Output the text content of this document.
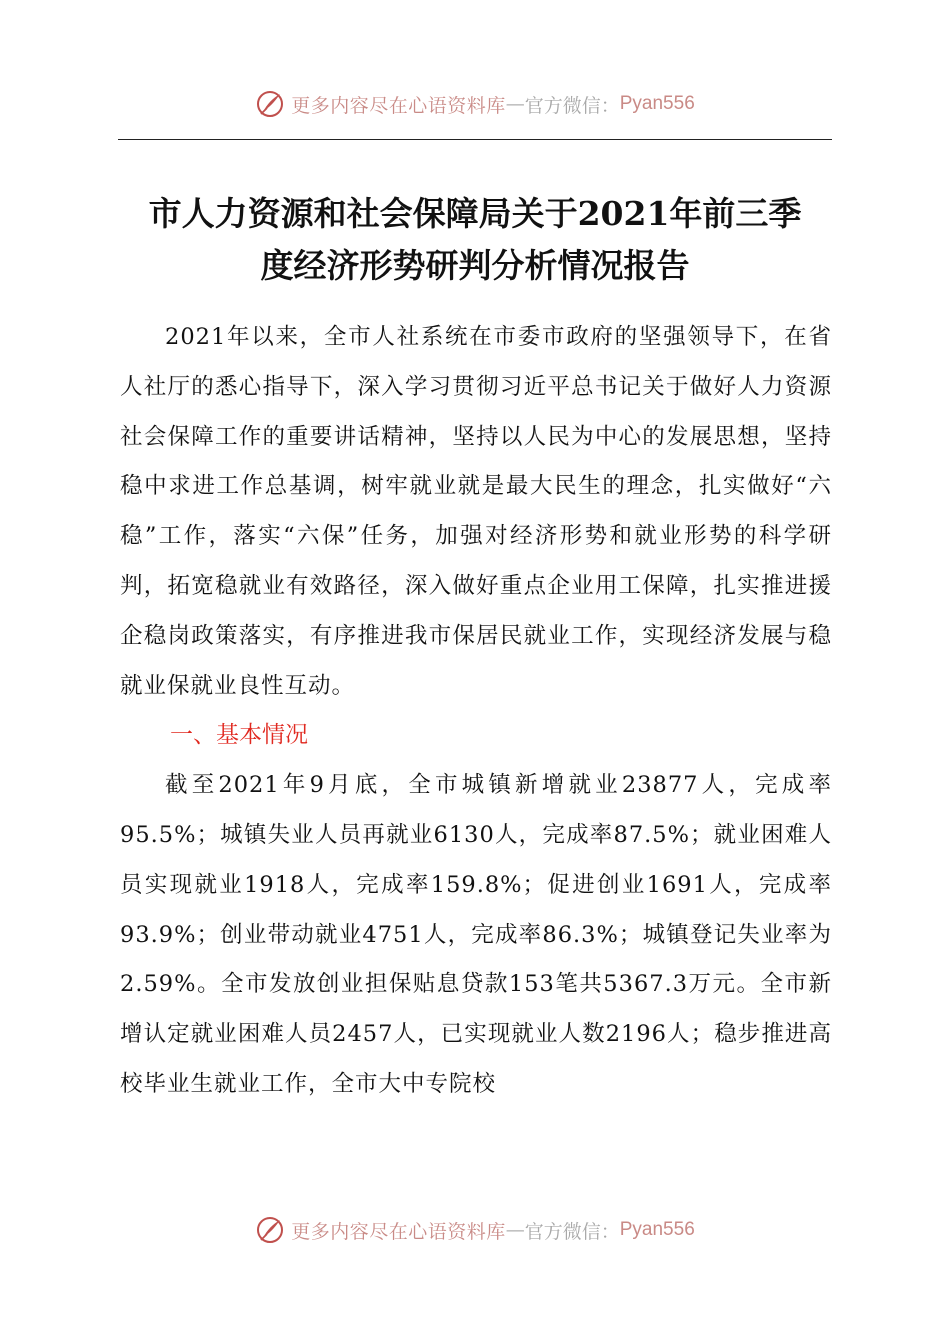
更多内容尽在心语资料库 — 官方微信： Pyan556
市人力资源和社会保障局关于2021年前三季
度经济形势研判分析情况报告

2021年以来，全市人社系统在市委市政府的坚强领导下，在省人社厅的悉心指导下，深入学习贯彻习近平总书记关于做好人力资源社会保障工作的重要讲话精神，坚持以人民为中心的发展思想，坚持稳中求进工作总基调，树牢就业就是最大民生的理念，扎实做好“六稳”工作，落实“六保”任务，加强对经济形势和就业形势的科学研判，拓宽稳就业有效路径，深入做好重点企业用工保障，扎实推进援企稳岗政策落实，有序推进我市保居民就业工作，实现经济发展与稳就业保就业良性互动。

一、基本情况

截至2021年9月底，全市城镇新增就业23877人，完成率95.5%；城镇失业人员再就业6130人，完成率87.5%；就业困难人员实现就业1918人，完成率159.8%；促进创业1691人，完成率93.9%；创业带动就业4751人，完成率86.3%；城镇登记失业率为2.59%。全市发放创业担保贴息贷款153笔共5367.3万元。全市新增认定就业困难人员2457人，已实现就业人数2196人；稳步推进高校毕业生就业工作，全市大中专院校

更多内容尽在心语资料库 — 官方微信： Pyan556
